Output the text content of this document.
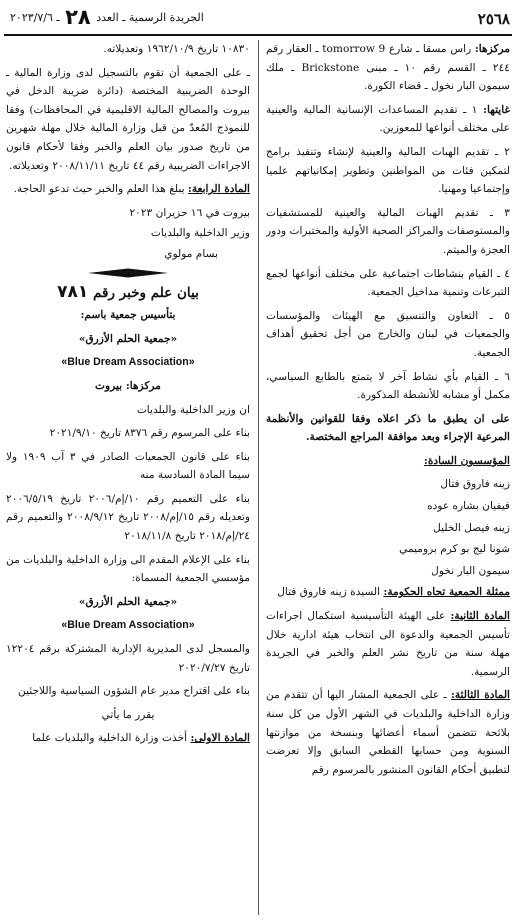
٢٥٦٨
الجريدة الرسمية ـ العدد ٢٨ ـ ٢٠٢٣/٧/٦

مركزها: راس مسقا ـ شارع tomorrow 9 ـ العقار رقم ٢٤٤ ـ القسم رقم ١٠ ـ مبنى Brickstone ـ ملك سيمون البار نخول ـ قضاء الكورة.

غايتها: ١ ـ تقديم المساعدات الإنسانية المالية والعينية على مختلف أنواعها للمعوزين.

٢ ـ تقديم الهبات المالية والعينية لإنشاء وتنفيذ برامج لتمكين فئات من المواطنين وتطوير إمكانياتهم علميا وإجتماعيا ومهنيا.

٣ ـ تقديم الهبات المالية والعينية للمستشفيات والمستوصفات والمراكز الصحية الأولية والمختبرات ودور العجزة والميتم.

٤ ـ القيام بنشاطات اجتماعية على مختلف أنواعها لجمع التبرعات وتنمية مداخيل الجمعية.

٥ ـ التعاون والتنسيق مع الهيئات والمؤسسات والجمعيات في لبنان والخارج من أجل تحقيق أهداف الجمعية.

٦ ـ القيام بأي نشاط آخر لا يتمتع بالطابع السياسي، مكمل أو مشابه للأنشطة المذكورة.

على ان يطبق ما ذكر اعلاه وفقا للقوانين والأنظمة المرعية الإجراء وبعد موافقة المراجع المختصة.

المؤسسون السادة:

زينه فاروق فتال

فيفيان بشاره عوده

زينه فيصل الخليل

شونا ليج بو كرم بروميمي

سيمون البار نخول

ممثلة الجمعية تجاه الحكومة: السيدة زينه فاروق فتال

المادة الثانية: على الهيئة التأسيسية استكمال اجراءات تأسيس الجمعية والدعوة الى انتخاب هيئة ادارية خلال مهلة سنة من تاريخ نشر العلم والخبر في الجريدة الرسمية.

المادة الثالثة: ـ على الجمعية المشار اليها أن تتقدم من وزارة الداخلية والبلديات في الشهر الأول من كل سنة بلائحة تتضمن أسماء أعضائها وبنسخة من موازنتها السنوية ومن حسابها القطعي السابق وإلا تعرضت لتطبيق أحكام القانون المنشور بالمرسوم رقم

١٠٨٣٠ تاريخ ١٩٦٢/١٠/٩ وتعديلاته.

ـ على الجمعية أن تقوم بالتسجيل لدى وزارة المالية ـ الوحدة الضريبية المختصة (دائرة ضريبة الدخل في بيروت والمصالح المالية الاقليمية في المحافظات) وفقا للنموذج المُعدّ من قبل وزارة المالية خلال مهلة شهرين من تاريخ صدور بيان العلم والخبر وفقا لأحكام قانون الاجراءات الضريبية رقم ٤٤ تاريخ ٢٠٠٨/١١/١١ وتعديلاته.

المادة الرابعة: يبلغ هذا العلم والخبر حيث تدعو الحاجة.

بيروت في ١٦ حزيران ٢٠٢٣

وزير الداخلية والبلديات

بسام مولوي

بيان علم وخبر رقم ٧٨١

بتأسيس جمعية باسم:

«جمعية الحلم الأزرق»

«Blue Dream Association»

مركزها: بيروت

ان وزير الداخلية والبلديات

بناء على المرسوم رقم ٨٣٧٦ تاريخ ٢٠٢١/٩/١٠

بناء على قانون الجمعيات الصادر في ٣ آب ١٩٠٩ ولا سيما المادة السادسة منه

بناء على التعميم رقم ١٠/إم/٢٠٠٦ تاريخ ٢٠٠٦/٥/١٩ وتعديله رقم ١٥/إم/٢٠٠٨ تاريخ ٢٠٠٨/٩/١٢ والتعميم رقم ٢٤/إم/٢٠١٨ تاريخ ٢٠١٨/١١/٨

بناء على الإعلام المقدم الى وزارة الداخلية والبلديات من مؤسسي الجمعية المسماة:

«جمعية الحلم الأزرق»

«Blue Dream Association»

والمسجل لدى المديرية الإدارية المشتركة برقم ١٢٢٠٤ تاريخ ٢٠٢٠/٧/٢٧

بناء على اقتراح مدير عام الشؤون السياسية واللاجئين

يقرر ما يأتي

المادة الاولى: أخذت وزارة الداخلية والبلديات علما
